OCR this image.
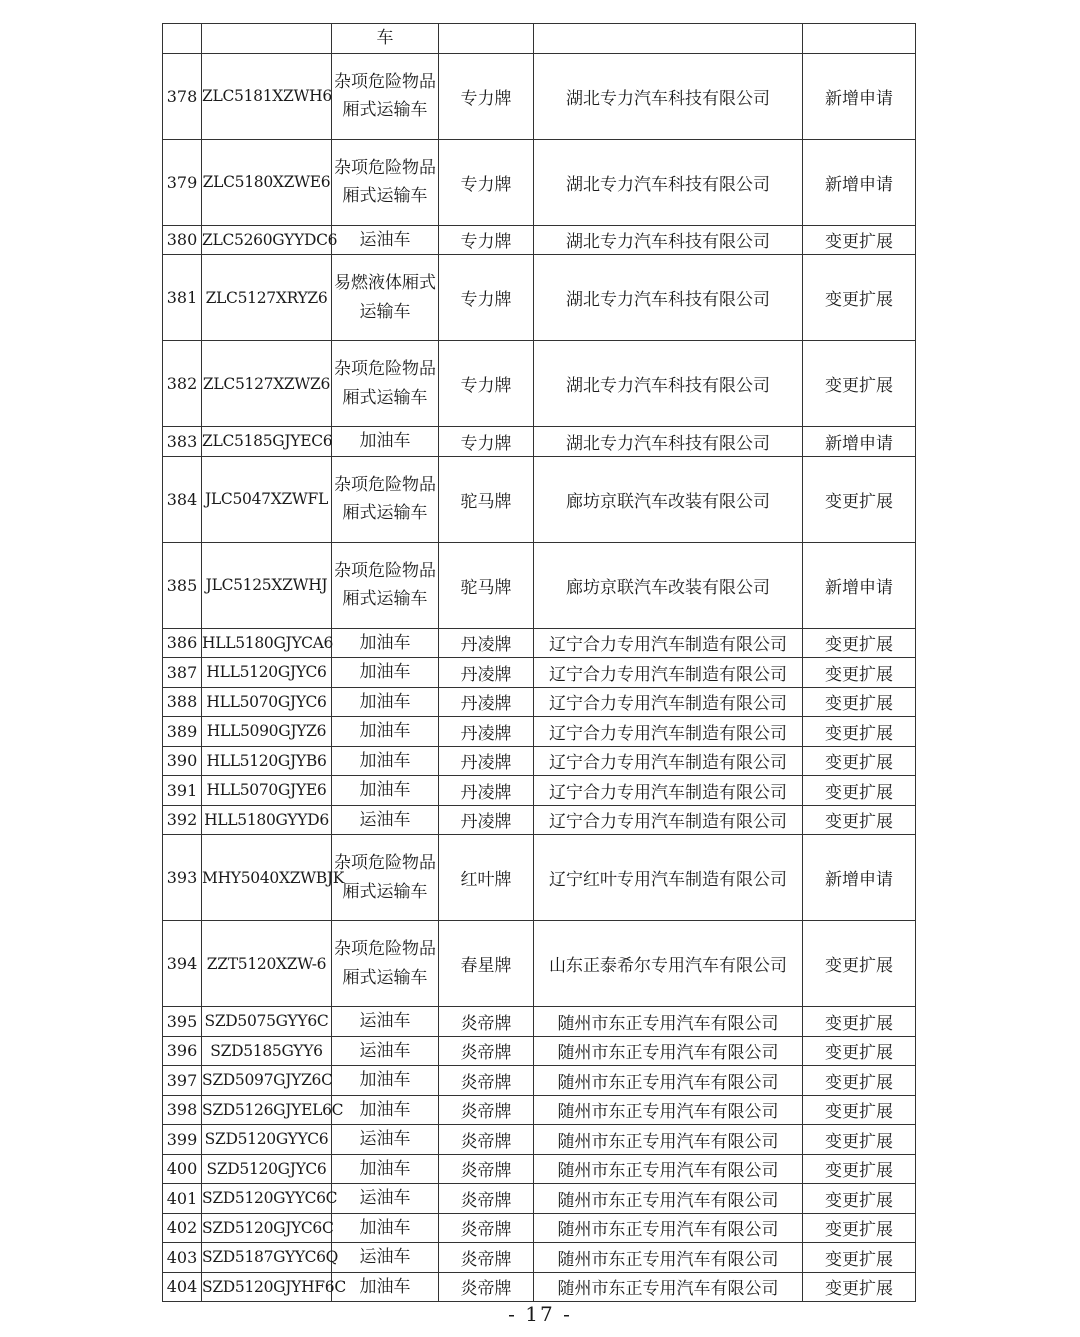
		车			
378	ZLC5181XZWH6	杂项危险物品厢式运输车	专力牌	湖北专力汽车科技有限公司	新增申请
379	ZLC5180XZWE6	杂项危险物品厢式运输车	专力牌	湖北专力汽车科技有限公司	新增申请
380	ZLC5260GYYDC6	运油车	专力牌	湖北专力汽车科技有限公司	变更扩展
381	ZLC5127XRYZ6	易燃液体厢式运输车	专力牌	湖北专力汽车科技有限公司	变更扩展
382	ZLC5127XZWZ6	杂项危险物品厢式运输车	专力牌	湖北专力汽车科技有限公司	变更扩展
383	ZLC5185GJYEC6	加油车	专力牌	湖北专力汽车科技有限公司	新增申请
384	JLC5047XZWFL	杂项危险物品厢式运输车	驼马牌	廊坊京联汽车改装有限公司	变更扩展
385	JLC5125XZWHJ	杂项危险物品厢式运输车	驼马牌	廊坊京联汽车改装有限公司	新增申请
386	HLL5180GJYCA6	加油车	丹凌牌	辽宁合力专用汽车制造有限公司	变更扩展
387	HLL5120GJYC6	加油车	丹凌牌	辽宁合力专用汽车制造有限公司	变更扩展
388	HLL5070GJYC6	加油车	丹凌牌	辽宁合力专用汽车制造有限公司	变更扩展
389	HLL5090GJYZ6	加油车	丹凌牌	辽宁合力专用汽车制造有限公司	变更扩展
390	HLL5120GJYB6	加油车	丹凌牌	辽宁合力专用汽车制造有限公司	变更扩展
391	HLL5070GJYE6	加油车	丹凌牌	辽宁合力专用汽车制造有限公司	变更扩展
392	HLL5180GYYD6	运油车	丹凌牌	辽宁合力专用汽车制造有限公司	变更扩展
393	MHY5040XZWBJK	杂项危险物品厢式运输车	红叶牌	辽宁红叶专用汽车制造有限公司	新增申请
394	ZZT5120XZW-6	杂项危险物品厢式运输车	春星牌	山东正泰希尔专用汽车有限公司	变更扩展
395	SZD5075GYY6C	运油车	炎帝牌	随州市东正专用汽车有限公司	变更扩展
396	SZD5185GYY6	运油车	炎帝牌	随州市东正专用汽车有限公司	变更扩展
397	SZD5097GJYZ6C	加油车	炎帝牌	随州市东正专用汽车有限公司	变更扩展
398	SZD5126GJYEL6C	加油车	炎帝牌	随州市东正专用汽车有限公司	变更扩展
399	SZD5120GYYC6	运油车	炎帝牌	随州市东正专用汽车有限公司	变更扩展
400	SZD5120GJYC6	加油车	炎帝牌	随州市东正专用汽车有限公司	变更扩展
401	SZD5120GYYC6C	运油车	炎帝牌	随州市东正专用汽车有限公司	变更扩展
402	SZD5120GJYC6C	加油车	炎帝牌	随州市东正专用汽车有限公司	变更扩展
403	SZD5187GYYC6Q	运油车	炎帝牌	随州市东正专用汽车有限公司	变更扩展
404	SZD5120GJYHF6C	加油车	炎帝牌	随州市东正专用汽车有限公司	变更扩展
- 17 -
